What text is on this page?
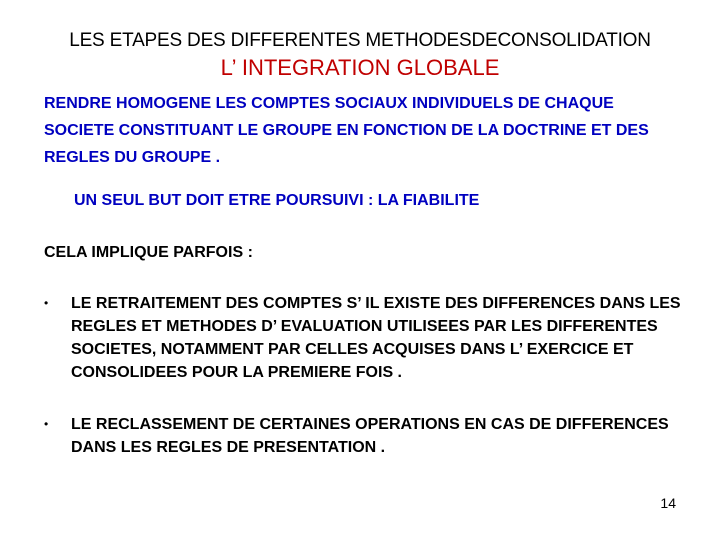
LES ETAPES DES DIFFERENTES METHODESDECONSOLIDATION
L’ INTEGRATION GLOBALE
RENDRE HOMOGENE LES COMPTES SOCIAUX INDIVIDUELS DE CHAQUE SOCIETE CONSTITUANT LE GROUPE EN FONCTION DE LA DOCTRINE ET DES REGLES DU GROUPE .
UN SEUL BUT DOIT ETRE POURSUIVI : LA FIABILITE
CELA IMPLIQUE PARFOIS :
•	LE RETRAITEMENT DES COMPTES S’ IL EXISTE DES DIFFERENCES DANS LES REGLES ET METHODES D’ EVALUATION UTILISEES PAR LES DIFFERENTES SOCIETES, NOTAMMENT PAR CELLES ACQUISES DANS L’ EXERCICE ET CONSOLIDEES POUR LA PREMIERE FOIS .
•	LE RECLASSEMENT DE CERTAINES OPERATIONS EN CAS DE DIFFERENCES DANS LES REGLES DE PRESENTATION .
14
